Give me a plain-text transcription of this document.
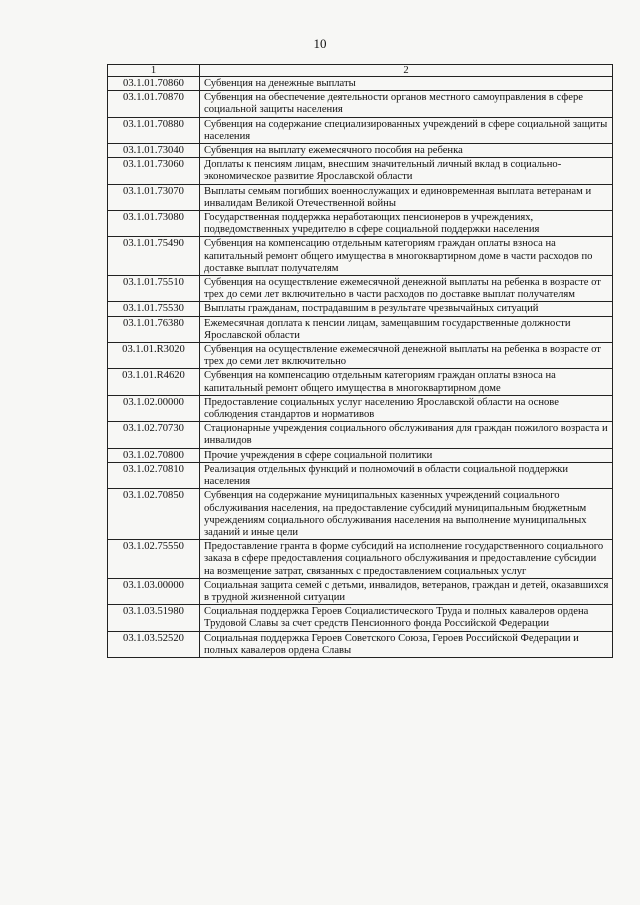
10
1	2
03.1.01.70860	Субвенция на денежные выплаты
03.1.01.70870	Субвенция на обеспечение деятельности органов местного самоуправления в сфере социальной защиты населения
03.1.01.70880	Субвенция на содержание специализированных учреждений в сфере социальной защиты населения
03.1.01.73040	Субвенция на выплату ежемесячного пособия на ребенка
03.1.01.73060	Доплаты к пенсиям лицам, внесшим значительный личный вклад в социально-экономическое развитие Ярославской области
03.1.01.73070	Выплаты семьям погибших военнослужащих и единовременная выплата ветеранам и инвалидам Великой Отечественной войны
03.1.01.73080	Государственная поддержка неработающих пенсионеров в учреждениях, подведомственных учредителю в сфере социальной поддержки населения
03.1.01.75490	Субвенция на компенсацию отдельным категориям граждан оплаты взноса на капитальный ремонт общего имущества в многоквартирном доме в части расходов по доставке выплат получателям
03.1.01.75510	Субвенция на осуществление ежемесячной денежной выплаты на ребенка в возрасте от трех до семи лет включительно в части расходов по доставке выплат получателям
03.1.01.75530	Выплаты гражданам, пострадавшим в результате чрезвычайных ситуаций
03.1.01.76380	Ежемесячная доплата к пенсии лицам, замещавшим государственные должности Ярославской области
03.1.01.R3020	Субвенция на осуществление ежемесячной денежной выплаты на ребенка в возрасте от трех до семи лет включительно
03.1.01.R4620	Субвенция на компенсацию отдельным категориям граждан оплаты взноса на капитальный ремонт общего имущества в многоквартирном доме
03.1.02.00000	Предоставление социальных услуг населению Ярославской области на основе соблюдения стандартов и нормативов
03.1.02.70730	Стационарные учреждения социального обслуживания для граждан пожилого возраста и инвалидов
03.1.02.70800	Прочие учреждения в сфере социальной политики
03.1.02.70810	Реализация отдельных функций и полномочий в области социальной поддержки населения
03.1.02.70850	Субвенция на содержание муниципальных казенных учреждений социального обслуживания населения, на предоставление субсидий муниципальным бюджетным учреждениям социального обслуживания населения на выполнение муниципальных заданий и иные цели
03.1.02.75550	Предоставление гранта в форме субсидий на исполнение государственного социального заказа в сфере предоставления социального обслуживания и предоставление субсидии на возмещение затрат, связанных с предоставлением социальных услуг
03.1.03.00000	Социальная защита семей с детьми, инвалидов, ветеранов, граждан и детей, оказавшихся в трудной жизненной ситуации
03.1.03.51980	Социальная поддержка Героев Социалистического Труда и полных кавалеров ордена Трудовой Славы за счет средств Пенсионного фонда Российской Федерации
03.1.03.52520	Социальная поддержка Героев Советского Союза, Героев Российской Федерации и полных кавалеров ордена Славы
